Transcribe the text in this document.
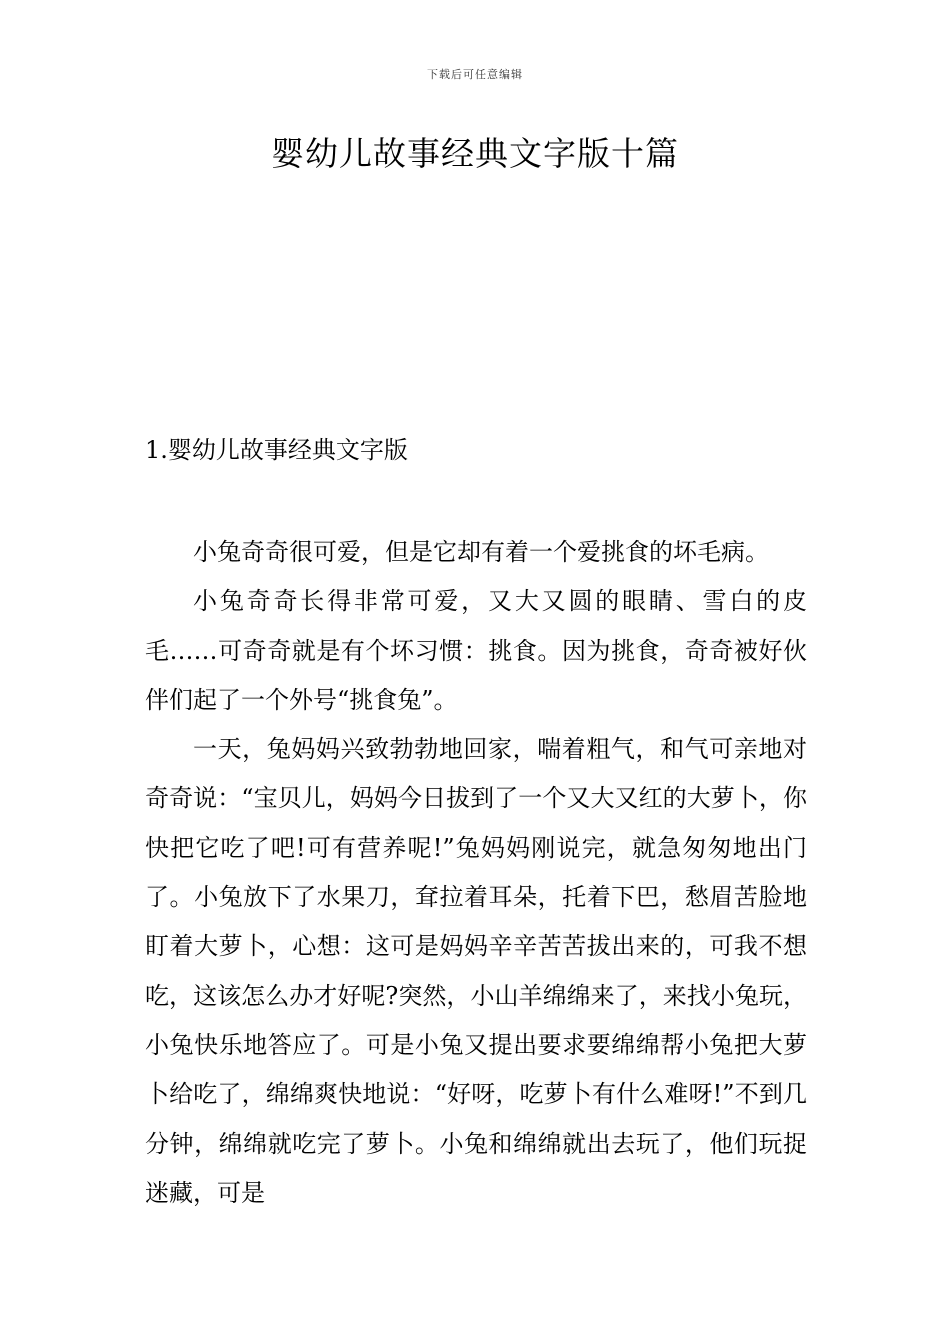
下载后可任意编辑
婴幼儿故事经典文字版十篇
1.婴幼儿故事经典文字版

小兔奇奇很可爱，但是它却有着一个爱挑食的坏毛病。

小兔奇奇长得非常可爱，又大又圆的眼睛、雪白的皮毛……可奇奇就是有个坏习惯：挑食。因为挑食，奇奇被好伙伴们起了一个外号“挑食兔”。

一天，兔妈妈兴致勃勃地回家，喘着粗气，和气可亲地对奇奇说：“宝贝儿，妈妈今日拔到了一个又大又红的大萝卜，你快把它吃了吧!可有营养呢!”兔妈妈刚说完，就急匆匆地出门了。小兔放下了水果刀，耷拉着耳朵，托着下巴，愁眉苦脸地盯着大萝卜，心想：这可是妈妈辛辛苦苦拔出来的，可我不想吃，这该怎么办才好呢?突然，小山羊绵绵来了，来找小兔玩，小兔快乐地答应了。可是小兔又提出要求要绵绵帮小兔把大萝卜给吃了，绵绵爽快地说：“好呀，吃萝卜有什么难呀!”不到几分钟，绵绵就吃完了萝卜。小兔和绵绵就出去玩了，他们玩捉迷藏，可是
